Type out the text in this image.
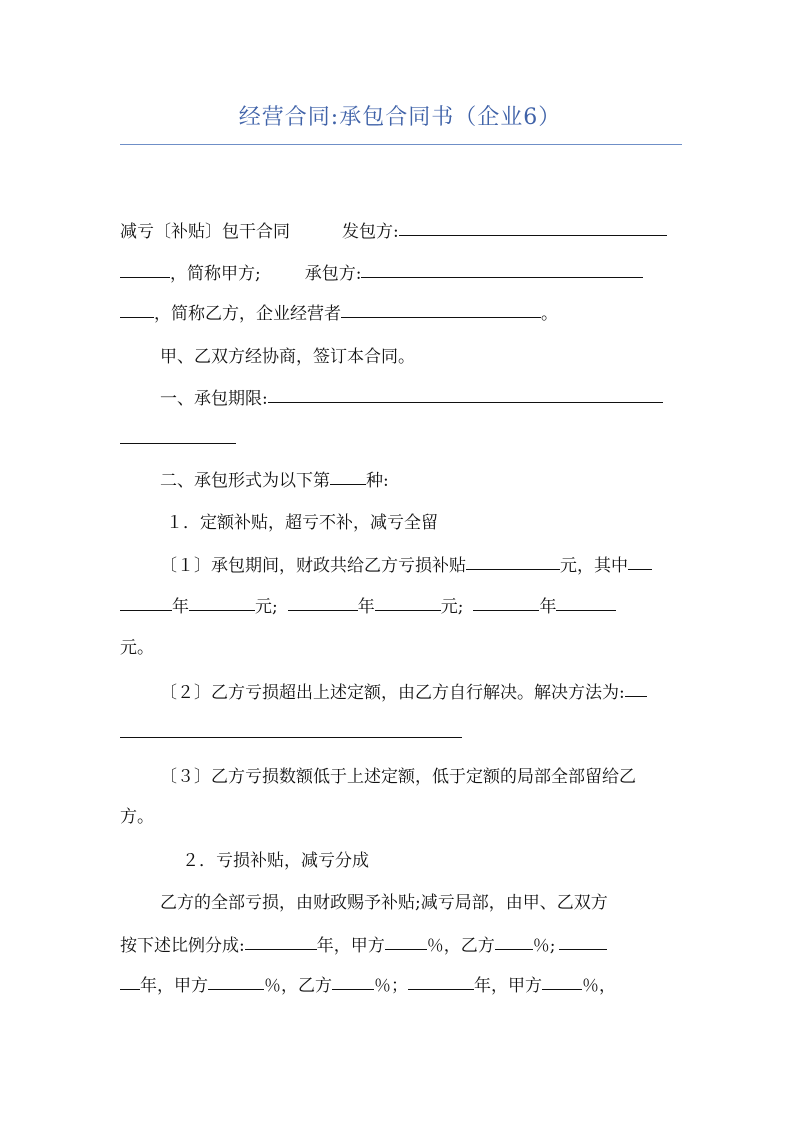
经营合同:承包合同书（企业6）
减亏〔补贴〕包干合同	发包方:
，简称甲方;	承包方:
，简称乙方，企业经营者	。
甲、乙双方经协商，签订本合同。
一、承包期限:
二、承包形式为以下第 种:
１．定额补贴，超亏不补，减亏全留
〔１〕承包期间，财政共给乙方亏损补贴	元，其中
年	元;	年	元;	年
元。
〔２〕乙方亏损超出上述定额，由乙方自行解决。解决方法为:
〔３〕乙方亏损数额低于上述定额，低于定额的局部全部留给乙
方。
２．亏损补贴，减亏分成
乙方的全部亏损，由财政赐予补贴;减亏局部，由甲、乙双方
按下述比例分成:	年，甲方 ％，乙方 ％;
年，甲方	％，乙方 ％；	年，甲方 ％，
